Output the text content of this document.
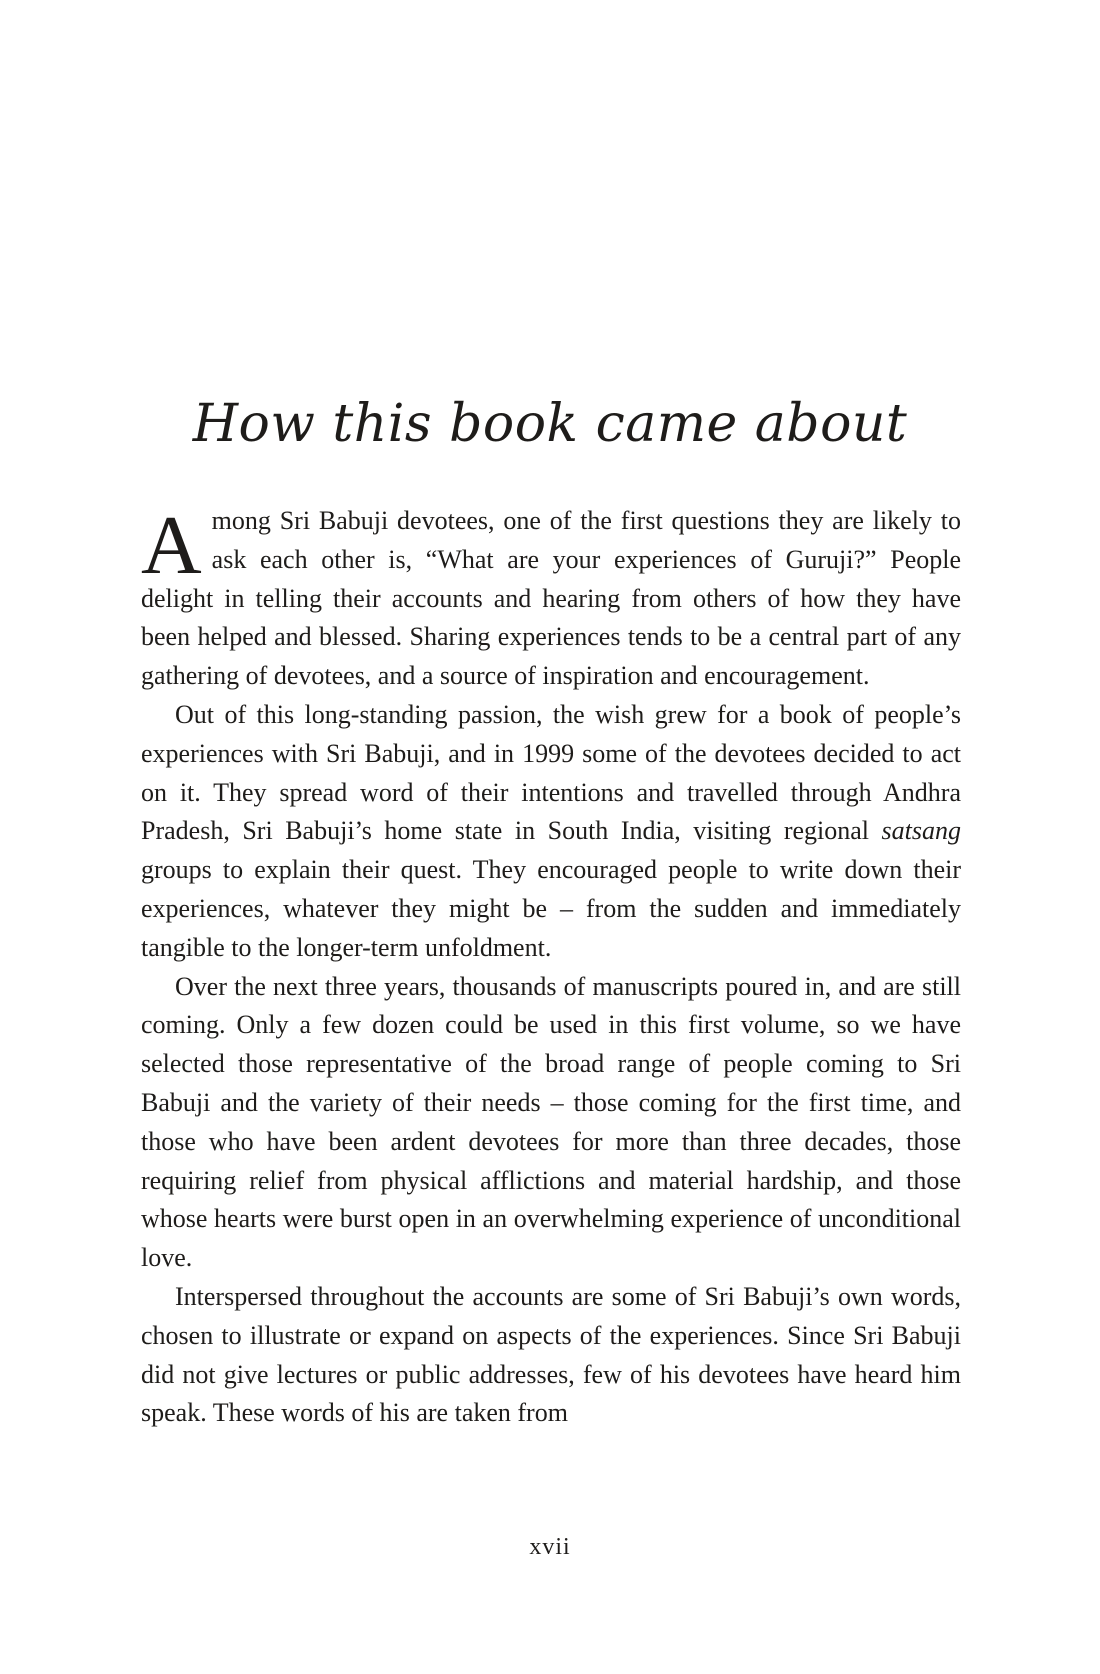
How this book came about

Among Sri Babuji devotees, one of the first questions they are likely to ask each other is, “What are your experiences of Guruji?” People delight in telling their accounts and hearing from others of how they have been helped and blessed. Sharing experiences tends to be a central part of any gathering of devotees, and a source of inspiration and encouragement.

Out of this long-standing passion, the wish grew for a book of people’s experiences with Sri Babuji, and in 1999 some of the devotees decided to act on it. They spread word of their intentions and travelled through Andhra Pradesh, Sri Babuji’s home state in South India, visiting regional satsang groups to explain their quest. They encouraged people to write down their experiences, whatever they might be – from the sudden and immediately tangible to the longer-term unfoldment.

Over the next three years, thousands of manuscripts poured in, and are still coming. Only a few dozen could be used in this first volume, so we have selected those representative of the broad range of people coming to Sri Babuji and the variety of their needs – those coming for the first time, and those who have been ardent devotees for more than three decades, those requiring relief from physical afflictions and material hardship, and those whose hearts were burst open in an overwhelming experience of unconditional love.

Interspersed throughout the accounts are some of Sri Babuji’s own words, chosen to illustrate or expand on aspects of the experiences. Since Sri Babuji did not give lectures or public addresses, few of his devotees have heard him speak. These words of his are taken from

xvii
